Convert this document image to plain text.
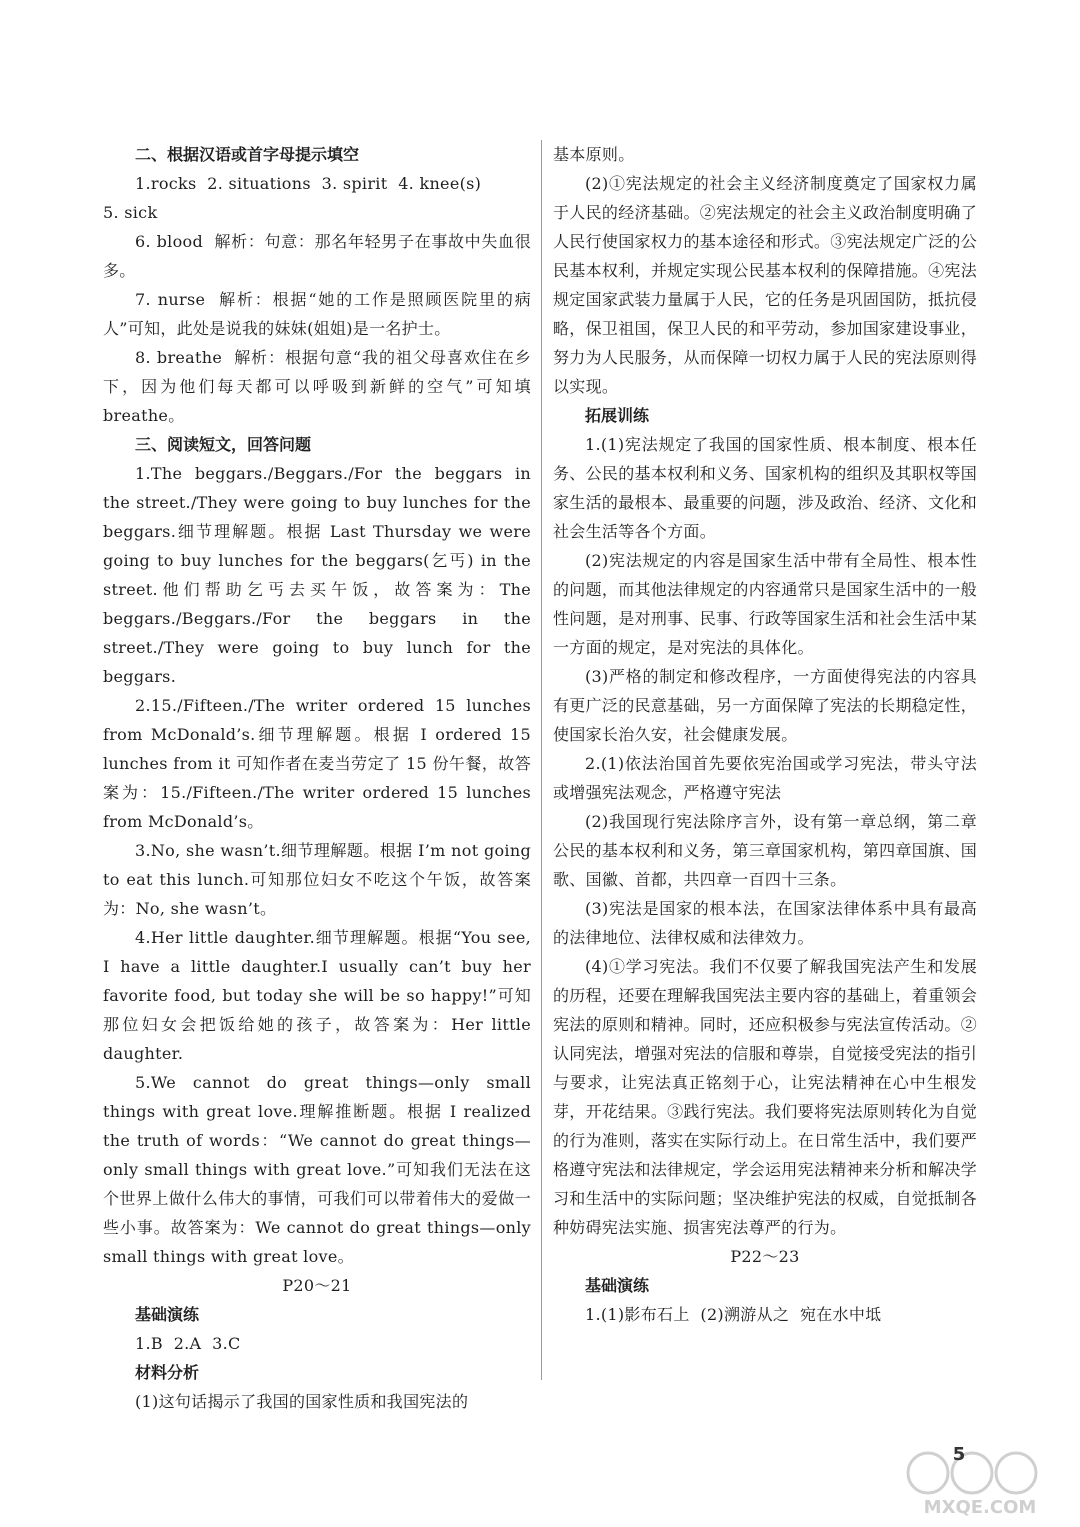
二、根据汉语或首字母提示填空

1.rocks  2. situations  3. spirit  4. knee(s)

5. sick

6. blood  解析：句意：那名年轻男子在事故中失血很多。

7. nurse  解析：根据“她的工作是照顾医院里的病人”可知，此处是说我的妹妹(姐姐)是一名护士。

8. breathe  解析：根据句意“我的祖父母喜欢住在乡下，因为他们每天都可以呼吸到新鲜的空气”可知填 breathe。

三、阅读短文，回答问题

1.The beggars./Beggars./For the beggars in the street./They were going to buy lunches for the beggars.细节理解题。根据 Last Thursday we were going to buy lunches for the beggars(乞丐) in the street.他们帮助乞丐去买午饭，故答案为：The beggars./Beggars./For the beggars in the street./They were going to buy lunch for the beggars.

2.15./Fifteen./The writer ordered 15 lunches from McDonald’s.细节理解题。根据 I ordered 15 lunches from it 可知作者在麦当劳定了 15 份午餐，故答案为：15./Fifteen./The writer ordered 15 lunches from McDonald’s。

3.No, she wasn’t.细节理解题。根据 I’m not going to eat this lunch.可知那位妇女不吃这个午饭，故答案为：No, she wasn’t。

4.Her little daughter.细节理解题。根据“You see, I have a little daughter.I usually can’t buy her favorite food, but today she will be so happy!”可知那位妇女会把饭给她的孩子，故答案为：Her little daughter.

5.We cannot do great things—only small things with great love.理解推断题。根据 I realized the truth of words：“We cannot do great things—only small things with great love.”可知我们无法在这个世界上做什么伟大的事情，可我们可以带着伟大的爱做一些小事。故答案为：We cannot do great things—only small things with great love。

P20～21

基础演练

1.B  2.A  3.C

材料分析

(1)这句话揭示了我国的国家性质和我国宪法的

基本原则。

(2)①宪法规定的社会主义经济制度奠定了国家权力属于人民的经济基础。②宪法规定的社会主义政治制度明确了人民行使国家权力的基本途径和形式。③宪法规定广泛的公民基本权利，并规定实现公民基本权利的保障措施。④宪法规定国家武装力量属于人民，它的任务是巩固国防，抵抗侵略，保卫祖国，保卫人民的和平劳动，参加国家建设事业，努力为人民服务，从而保障一切权力属于人民的宪法原则得以实现。

拓展训练

1.(1)宪法规定了我国的国家性质、根本制度、根本任务、公民的基本权利和义务、国家机构的组织及其职权等国家生活的最根本、最重要的问题，涉及政治、经济、文化和社会生活等各个方面。

(2)宪法规定的内容是国家生活中带有全局性、根本性的问题，而其他法律规定的内容通常只是国家生活中的一般性问题，是对刑事、民事、行政等国家生活和社会生活中某一方面的规定，是对宪法的具体化。

(3)严格的制定和修改程序，一方面使得宪法的内容具有更广泛的民意基础，另一方面保障了宪法的长期稳定性，使国家长治久安，社会健康发展。

2.(1)依法治国首先要依宪治国或学习宪法，带头守法或增强宪法观念，严格遵守宪法

(2)我国现行宪法除序言外，设有第一章总纲，第二章公民的基本权利和义务，第三章国家机构，第四章国旗、国歌、国徽、首都，共四章一百四十三条。

(3)宪法是国家的根本法，在国家法律体系中具有最高的法律地位、法律权威和法律效力。

(4)①学习宪法。我们不仅要了解我国宪法产生和发展的历程，还要在理解我国宪法主要内容的基础上，着重领会宪法的原则和精神。同时，还应积极参与宪法宣传活动。②认同宪法，增强对宪法的信服和尊崇，自觉接受宪法的指引与要求，让宪法真正铭刻于心，让宪法精神在心中生根发芽，开花结果。③践行宪法。我们要将宪法原则转化为自觉的行为准则，落实在实际行动上。在日常生活中，我们要严格遵守宪法和法律规定，学会运用宪法精神来分析和解决学习和生活中的实际问题；坚决维护宪法的权威，自觉抵制各种妨碍宪法实施、损害宪法尊严的行为。

P22～23

基础演练

1.(1)影布石上  (2)溯游从之  宛在水中坻

MXQE.COM
5
